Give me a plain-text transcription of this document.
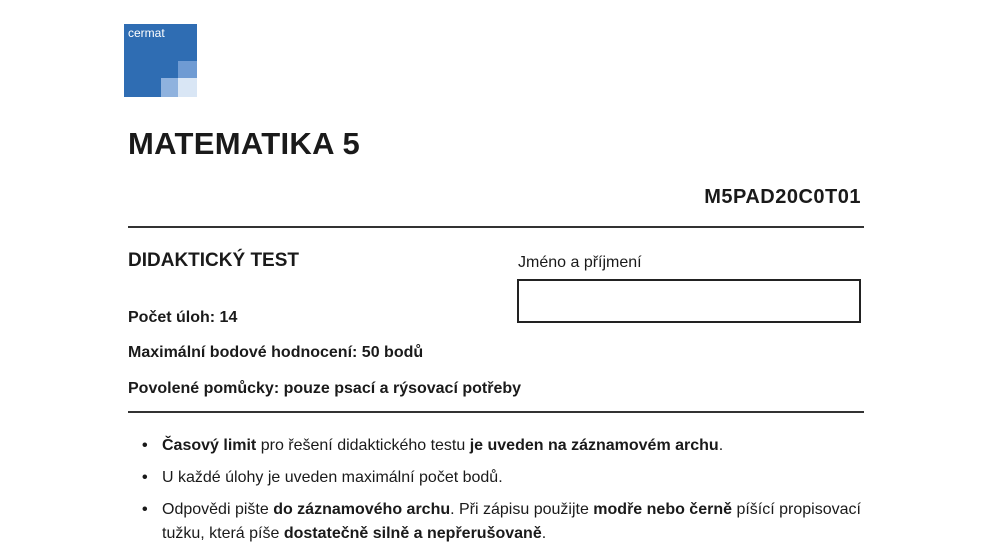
cermat
MATEMATIKA 5
M5PAD20C0T01
DIDAKTICKÝ TEST	Jméno a příjmení
Počet úloh: 14
Maximální bodové hodnocení: 50 bodů
Povolené pomůcky: pouze psací a rýsovací potřeby
• Časový limit pro řešení didaktického testu je uveden na záznamovém archu.
• U každé úlohy je uveden maximální počet bodů.
• Odpovědi pište do záznamového archu. Při zápisu použijte modře nebo černě píšící propisovací tužku, která píše dostatečně silně a nepřerušovaně.
